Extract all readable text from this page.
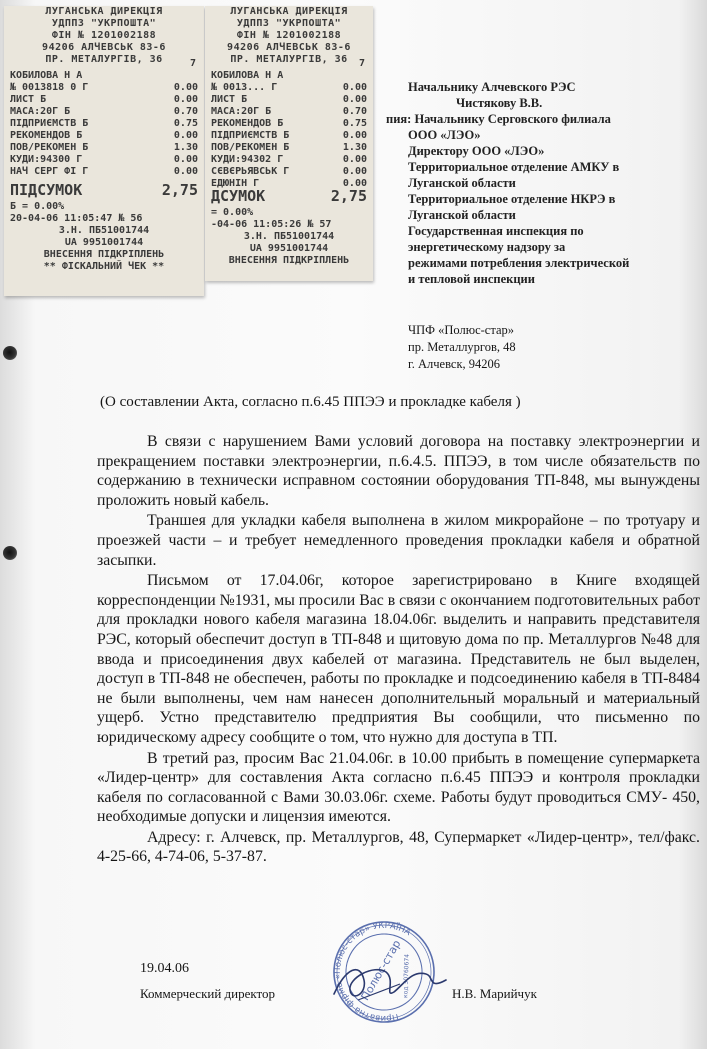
ЛУГАНСЬКА ДИРЕКЦІЯ
УДППЗ "УКРПОШТА"
ФІН № 1201002188
94206 АЛЧЕВСЬК 83-6
ПР. МЕТАЛУРГІВ, 36	7
КОБИЛОВА Н А
№ 0013818 0 Г	0.00
ЛИСТ Б	0.00
МАСА:20Г Б	0.70
ПІДПРИЄМСТВ Б	0.75
РЕКОМЕНДОВ Б	0.00
ПОВ/РЕКОМЕН Б	1.30
КУДИ:94300 Г	0.00
НАЧ СЕРГ ФІ Г	0.00
ПІДСУМОК	2,75
Б = 0.00%
20-04-06 11:05:47 № 56
З.Н. ПБ51001744
UA 9951001744
ВНЕСЕННЯ ПІДКРІПЛЕНЬ
** ФІСКАЛЬНИЙ ЧЕК **
ЛУГАНСЬКА ДИРЕКЦІЯ
УДППЗ "УКРПОШТА"
ФІН № 1201002188
94206 АЛЧЕВСЬК 83-6
ПР. МЕТАЛУРГІВ, 36	7
КОБИЛОВА Н А
№ 0013... Г	0.00
ЛИСТ Б	0.00
МАСА:20Г Б	0.70
РЕКОМЕНДОВ Б	0.75
ПІДПРИЄМСТВ Б	0.00
ПОВ/РЕКОМЕН Б	1.30
КУДИ:94302 Г	0.00
СЄВЄРЬЯВСЬК Г	0.00
ЕДЮНІН Г	0.00
ДСУМОК	2,75
= 0.00%
-04-06 11:05:26 № 57
З.Н. ПБ51001744
UA 9951001744
ВНЕСЕННЯ ПІДКРІПЛЕНЬ
Начальнику Алчевского РЭС
Чистякову В.В.
пия: Начальнику Серговского филиала
ООО «ЛЭО»
Директору ООО «ЛЭО»
Территориальное отделение АМКУ в
Луганской области
Территориальное отделение НКРЭ в
Луганской области
Государственная инспекция по
энергетическому надзору за
режимами потребления электрической
и тепловой инспекции
ЧПФ «Полюс-стар»
пр. Металлургов, 48
г. Алчевск, 94206
(О составлении Акта, согласно п.6.45 ППЭЭ и прокладке кабеля )

В связи с нарушением Вами условий договора на поставку электроэнергии и прекращением поставки электроэнергии, п.6.4.5. ППЭЭ, в том числе обязательств по содержанию в технически исправном состоянии оборудования ТП-848, мы вынуждены проложить новый кабель.

Траншея для укладки кабеля выполнена в жилом микрорайоне – по тротуару и проезжей части – и требует немедленного проведения прокладки кабеля и обратной засыпки.

Письмом от 17.04.06г, которое зарегистрировано в Книге входящей корреспонденции №1931, мы просили Вас в связи с окончанием подготовительных работ для прокладки нового кабеля магазина 18.04.06г. выделить и направить представителя РЭС, который обеспечит доступ в ТП-848 и щитовую дома по пр. Металлургов №48 для ввода и присоединения двух кабелей от магазина. Представитель не был выделен, доступ в ТП-848 не обеспечен, работы по прокладке и подсоединению кабеля в ТП-8484 не были выполнены, чем нам нанесен дополнительный моральный и материальный ущерб. Устно представителю предприятия Вы сообщили, что письменно по юридическому адресу сообщите о том, что нужно для доступа в ТП.

В третий раз, просим Вас 21.04.06г. в 10.00 прибыть в помещение супермаркета «Лидер-центр» для составления Акта согласно п.6.45 ППЭЭ и контроля прокладки кабеля по согласованной с Вами 30.03.06г. схеме. Работы будут проводиться СМУ- 450, необходимые допуски и лицензия имеются.

Адресу: г. Алчевск, пр. Металлургов, 48, Супермаркет «Лидер-центр», тел/факс. 4-25-66, 4-74-06, 5-37-87.

19.04.06
Коммерческий директор	Н.В. Марийчук
Приватна фірма «Полюс-стар» УКРАЇНА
Полюс-стар
код 30760674
